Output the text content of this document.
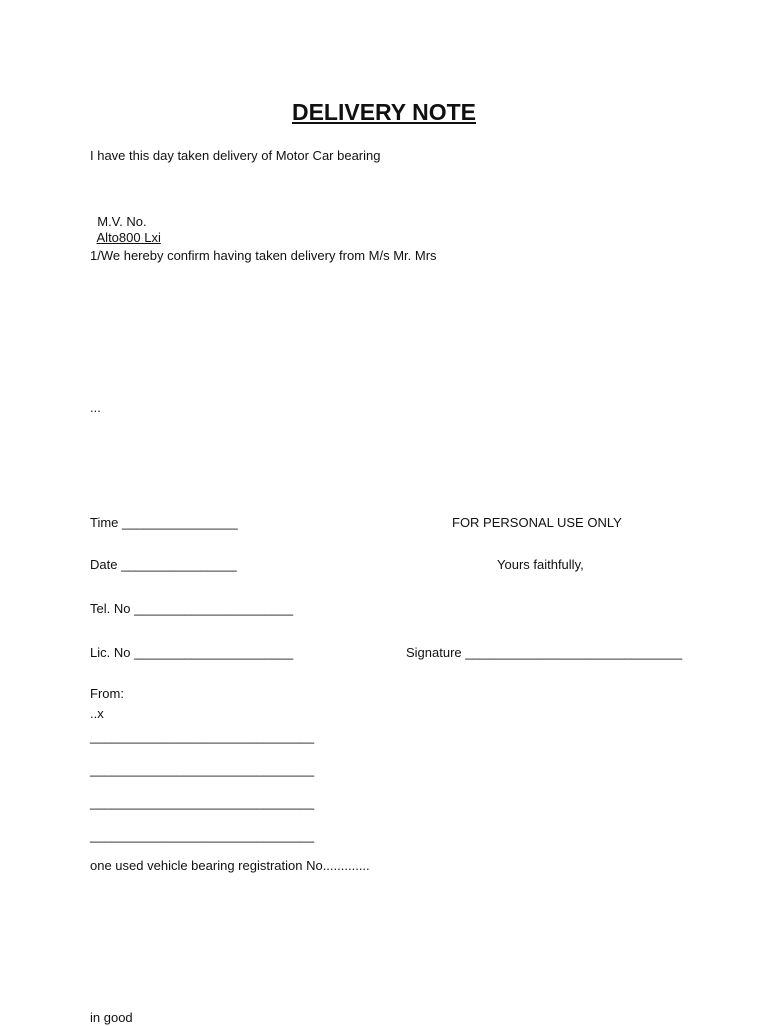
DELIVERY NOTE
I have this day taken delivery of Motor Car bearing

M.V. No.
Alto800 Lxi

1/We hereby confirm having taken delivery from M/s Mr. Mrs
...
Time ________________	FOR PERSONAL USE ONLY
Date ________________	Yours faithfully,
Tel. No ______________________
Lic. No ______________________	Signature ______________________________
From:
..x
_______________________________
_______________________________
_______________________________
_______________________________
one used vehicle bearing registration No.............
in good
